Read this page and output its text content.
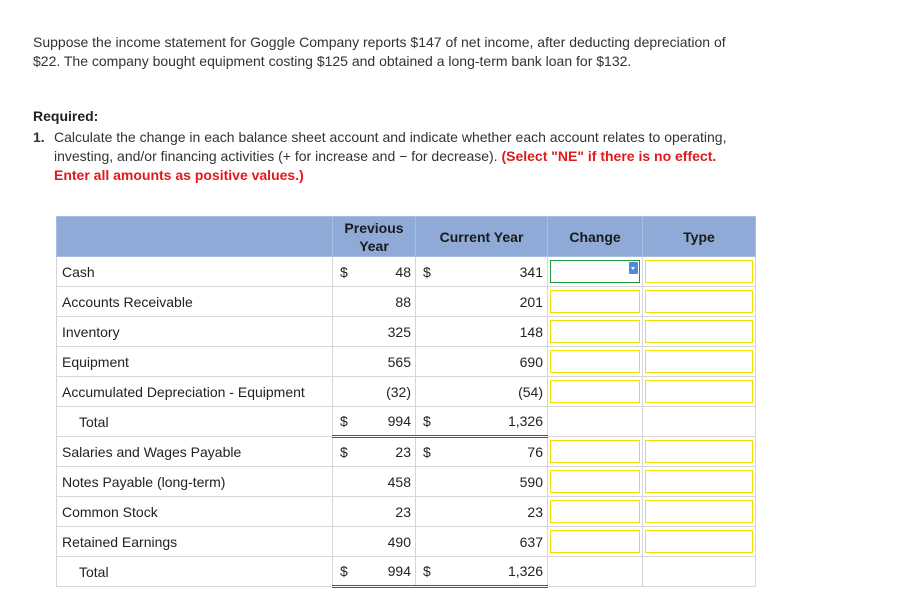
Suppose the income statement for Goggle Company reports $147 of net income, after deducting depreciation of $22. The company bought equipment costing $125 and obtained a long-term bank loan for $132.
Required:
1. Calculate the change in each balance sheet account and indicate whether each account relates to operating, investing, and/or financing activities (+ for increase and − for decrease). (Select "NE" if there is no effect. Enter all amounts as positive values.)
	Previous
Year		Current Year		Change	Type
Cash	$	48	$	341	

Accounts Receivable		88		201	

Inventory		325		148	

Equipment		565		690	

Accumulated Depreciation - Equipment		(32)		(54)	

Total	$	994	$	1,326		
Salaries and Wages Payable	$	23	$	76	

Notes Payable (long-term)		458		590	

Common Stock		23		23	

Retained Earnings		490		637	

Total	$	994	$	1,326		
